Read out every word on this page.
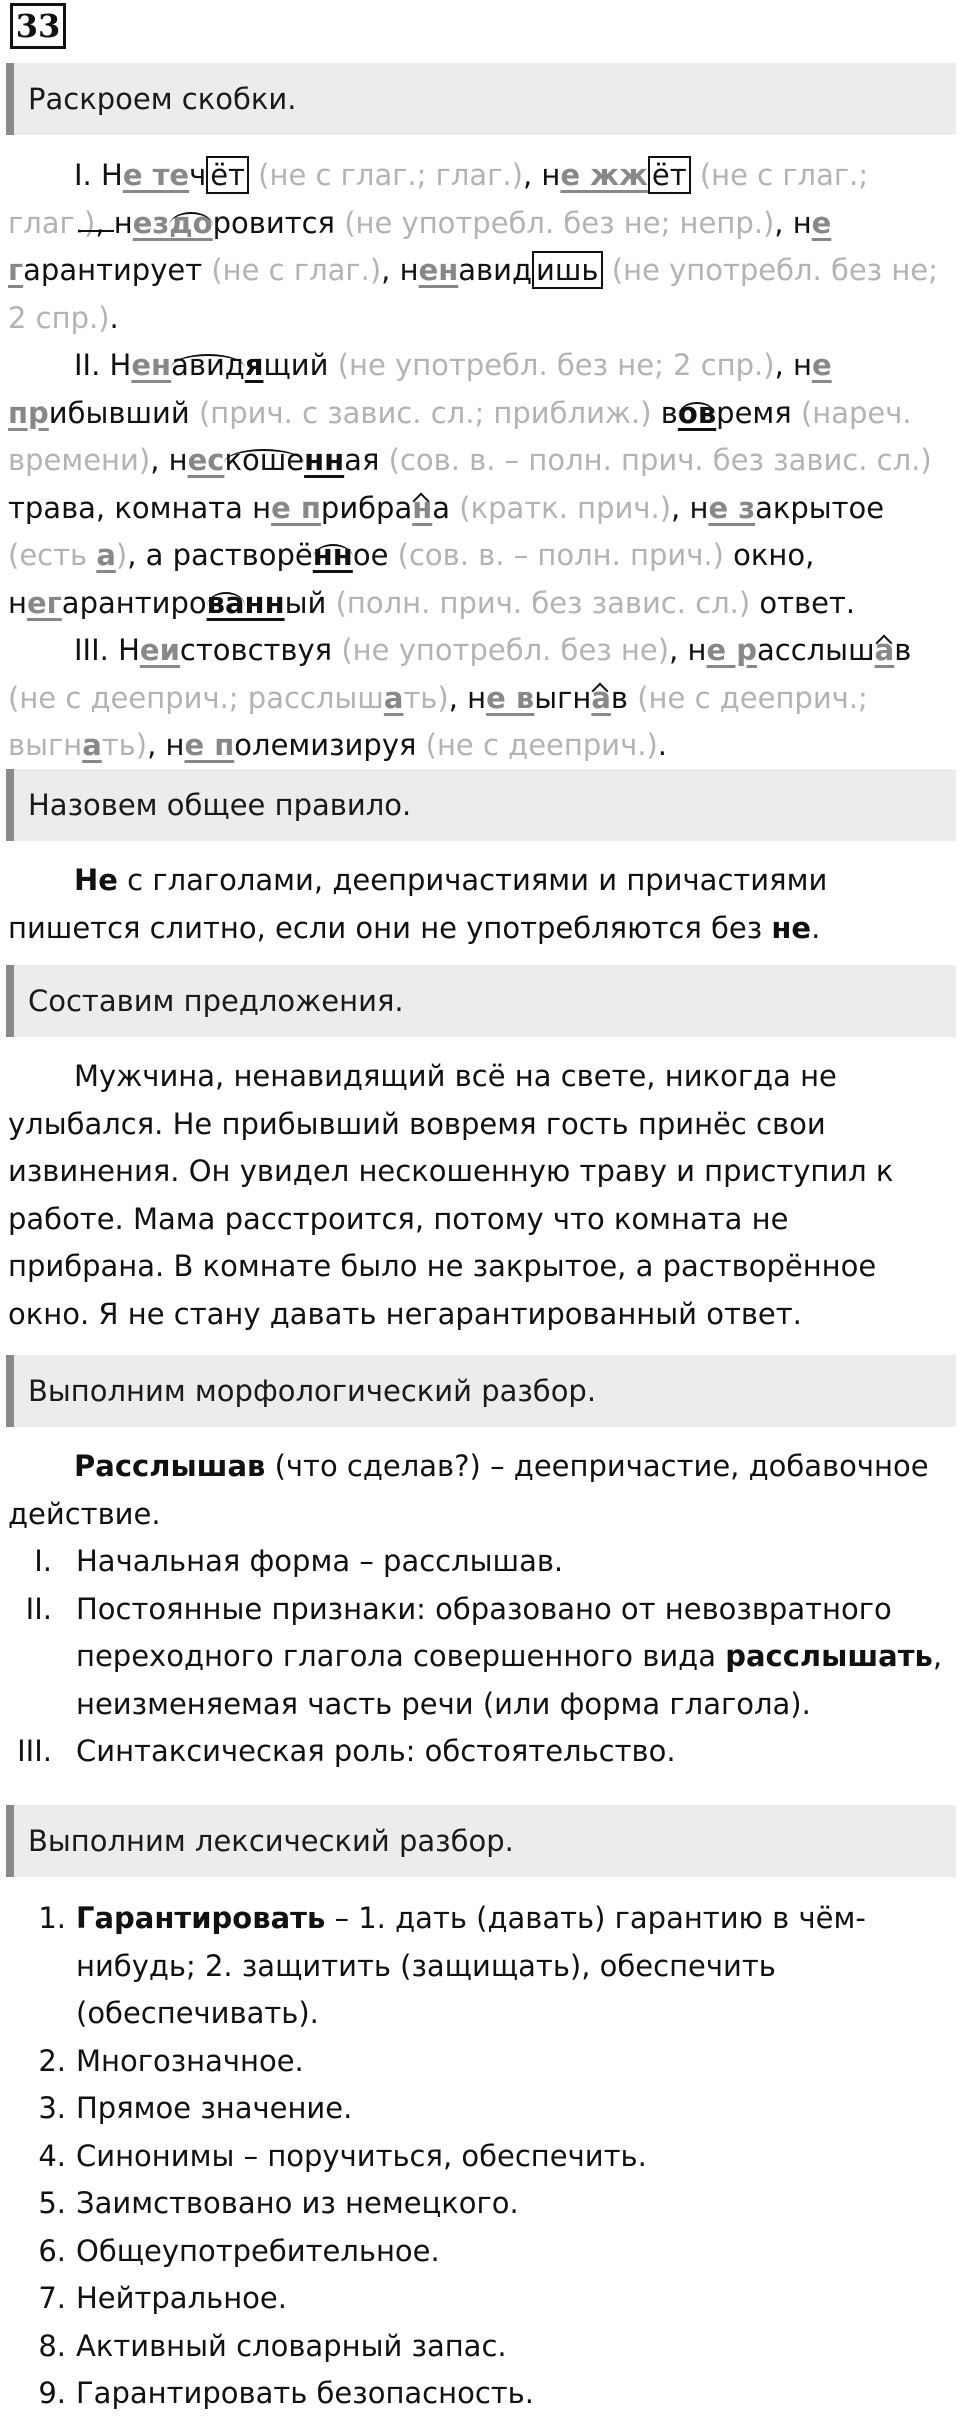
33
Раскроем скобки.

I. Не теч ёт (не с глаг.; глаг.), не жж ёт (не с глаг.; глаг.), нездоровится (не употребл. без не; непр.), не гарантирует (не с глаг.), ненавид ишь (не употребл. без не; 2 спр.).

II. Ненавидящий (не употребл. без не; 2 спр.), не прибывший (прич. с завис. сл.; приближ.) вовремя (нареч. времени), нескошенная (сов. в. – полн. прич. без завис. сл.) трава, комната не прибрана (кратк. прич.), не закрытое (есть а), а растворённое (сов. в. – полн. прич.) окно, негарантированный (полн. прич. без завис. сл.) ответ.

III. Неистовствуя (не употребл. без не), не расслышав (не с дееприч.; расслышать), не выгнав (не с дееприч.; выгнать), не полемизируя (не с дееприч.).

Назовем общее правило.

Не с глаголами, деепричастиями и причастиями пишется слитно, если они не употребляются без не.

Составим предложения.

Мужчина, ненавидящий всё на свете, никогда не улыбался. Не прибывший вовремя гость принёс свои извинения. Он увидел нескошенную траву и приступил к работе. Мама расстроится, потому что комната не прибрана. В комнате было не закрытое, а растворённое окно. Я не стану давать негарантированный ответ.

Выполним морфологический разбор.

Расслышав (что сделав?) – деепричастие, добавочное действие.

I. Начальная форма – расслышав.
II. Постоянные признаки: образовано от невозвратного переходного глагола совершенного вида расслышать, неизменяемая часть речи (или форма глагола).
III. Синтаксическая роль: обстоятельство.
Выполним лексический разбор.
1. Гарантировать – 1. дать (давать) гарантию в чём-нибудь; 2. защитить (защищать), обеспечить (обеспечивать).
2. Многозначное.
3. Прямое значение.
4. Синонимы – поручиться, обеспечить.
5. Заимствовано из немецкого.
6. Общеупотребительное.
7. Нейтральное.
8. Активный словарный запас.
9. Гарантировать безопасность.
